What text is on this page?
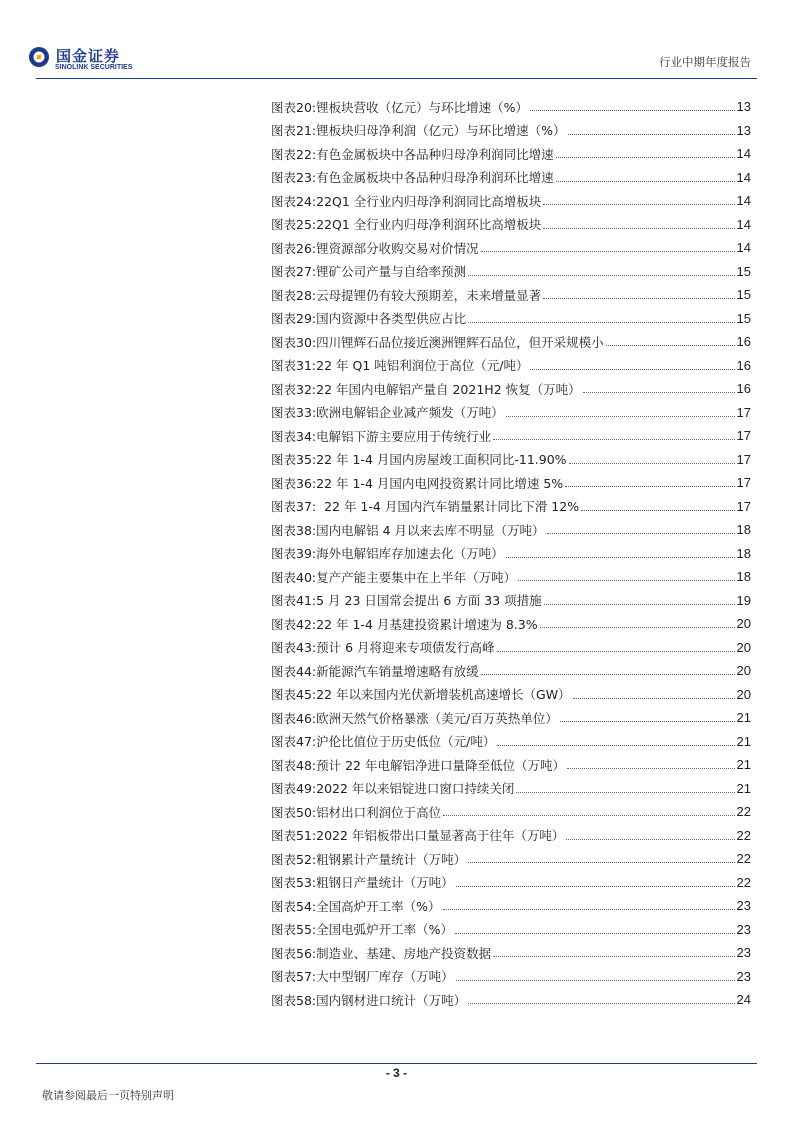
国金证券
SINOLINK SECURITIES	行业中期年度报告
图表20: 锂板块营收（亿元）与环比增速（%）	13
图表21: 锂板块归母净利润（亿元）与环比增速（%）	13
图表22: 有色金属板块中各品种归母净利润同比增速	14
图表23: 有色金属板块中各品种归母净利润环比增速	14
图表24: 22Q1 全行业内归母净利润同比高增板块	14
图表25: 22Q1 全行业内归母净利润环比高增板块	14
图表26: 锂资源部分收购交易对价情况	14
图表27: 锂矿公司产量与自给率预测	15
图表28: 云母提锂仍有较大预期差，未来增量显著	15
图表29: 国内资源中各类型供应占比	15
图表30: 四川锂辉石品位接近澳洲锂辉石品位，但开采规模小	16
图表31: 22 年 Q1 吨铝利润位于高位（元/吨）	16
图表32: 22 年国内电解铝产量自 2021H2 恢复（万吨）	16
图表33: 欧洲电解铝企业减产频发（万吨）	17
图表34: 电解铝下游主要应用于传统行业	17
图表35: 22 年 1-4 月国内房屋竣工面积同比-11.90%	17
图表36: 22 年 1-4 月国内电网投资累计同比增速 5%	17
图表37: 22 年 1-4 月国内汽车销量累计同比下滑 12%	17
图表38: 国内电解铝 4 月以来去库不明显（万吨）	18
图表39: 海外电解铝库存加速去化（万吨）	18
图表40: 复产产能主要集中在上半年（万吨）	18
图表41: 5 月 23 日国常会提出 6 方面 33 项措施	19
图表42: 22 年 1-4 月基建投资累计增速为 8.3%	20
图表43: 预计 6 月将迎来专项债发行高峰	20
图表44: 新能源汽车销量增速略有放缓	20
图表45: 22 年以来国内光伏新增装机高速增长（GW）	20
图表46: 欧洲天然气价格暴涨（美元/百万英热单位）	21
图表47: 沪伦比值位于历史低位（元/吨）	21
图表48: 预计 22 年电解铝净进口量降至低位（万吨）	21
图表49: 2022 年以来铝锭进口窗口持续关闭	21
图表50: 铝材出口利润位于高位	22
图表51: 2022 年铝板带出口量显著高于往年（万吨）	22
图表52: 粗钢累计产量统计（万吨）	22
图表53: 粗钢日产量统计（万吨）	22
图表54: 全国高炉开工率（%）	23
图表55: 全国电弧炉开工率（%）	23
图表56: 制造业、基建、房地产投资数据	23
图表57: 大中型钢厂库存（万吨）	23
图表58: 国内钢材进口统计（万吨）	24
- 3 -
敬请参阅最后一页特别声明
